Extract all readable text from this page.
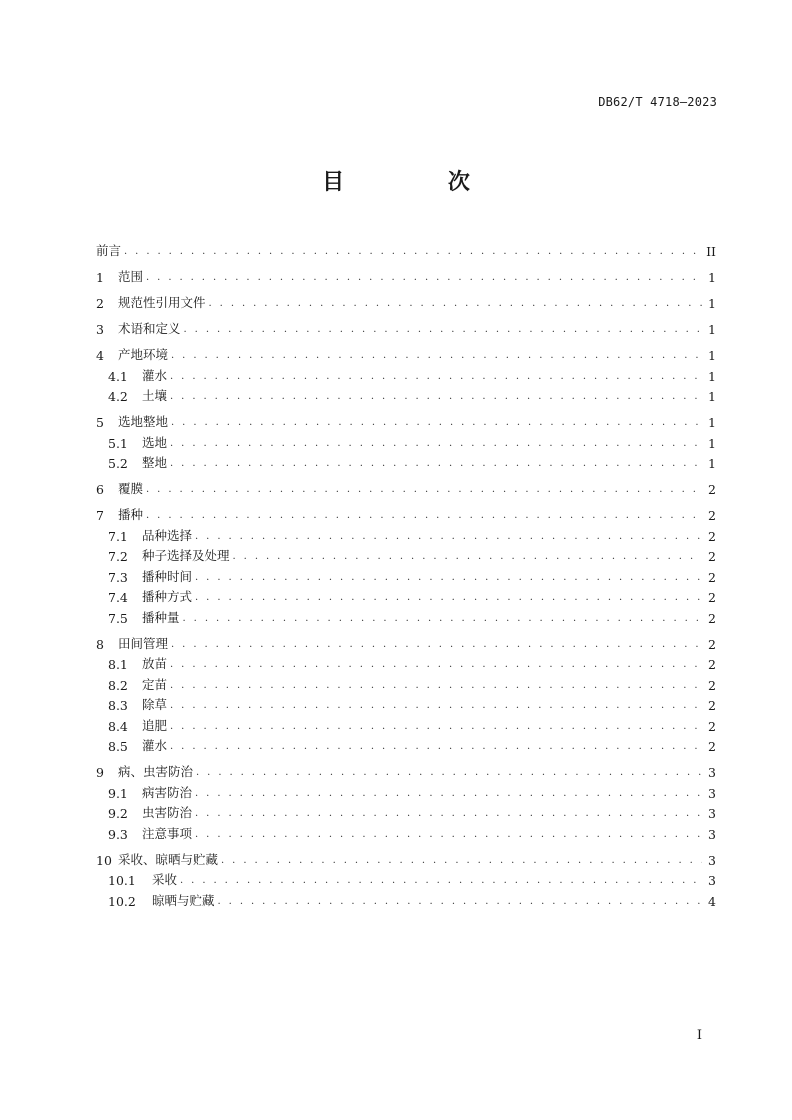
DB62/T 4718—2023
目 次
前言 . . .	II
1	范围 . . .	1
2	规范性引用文件 . . .	1
3	术语和定义 . . .	1
4	产地环境 . . .	1
4.1	灌水 . . .	1
4.2	土壤 . . .	1
5	选地整地 . . .	1
5.1	选地 . . .	1
5.2	整地 . . .	1
6	覆膜 . . .	2
7	播种 . . .	2
7.1	品种选择 . . .	2
7.2	种子选择及处理 . . .	2
7.3	播种时间 . . .	2
7.4	播种方式 . . .	2
7.5	播种量 . . .	2
8	田间管理 . . .	2
8.1	放苗 . . .	2
8.2	定苗 . . .	2
8.3	除草 . . .	2
8.4	追肥 . . .	2
8.5	灌水 . . .	2
9	病、虫害防治 . . .	3
9.1	病害防治 . . .	3
9.2	虫害防治 . . .	3
9.3	注意事项 . . .	3
10 采收、晾晒与贮藏 . . .	3
10.1	采收 . . .	3
10.2	晾晒与贮藏 . . .	4
I
